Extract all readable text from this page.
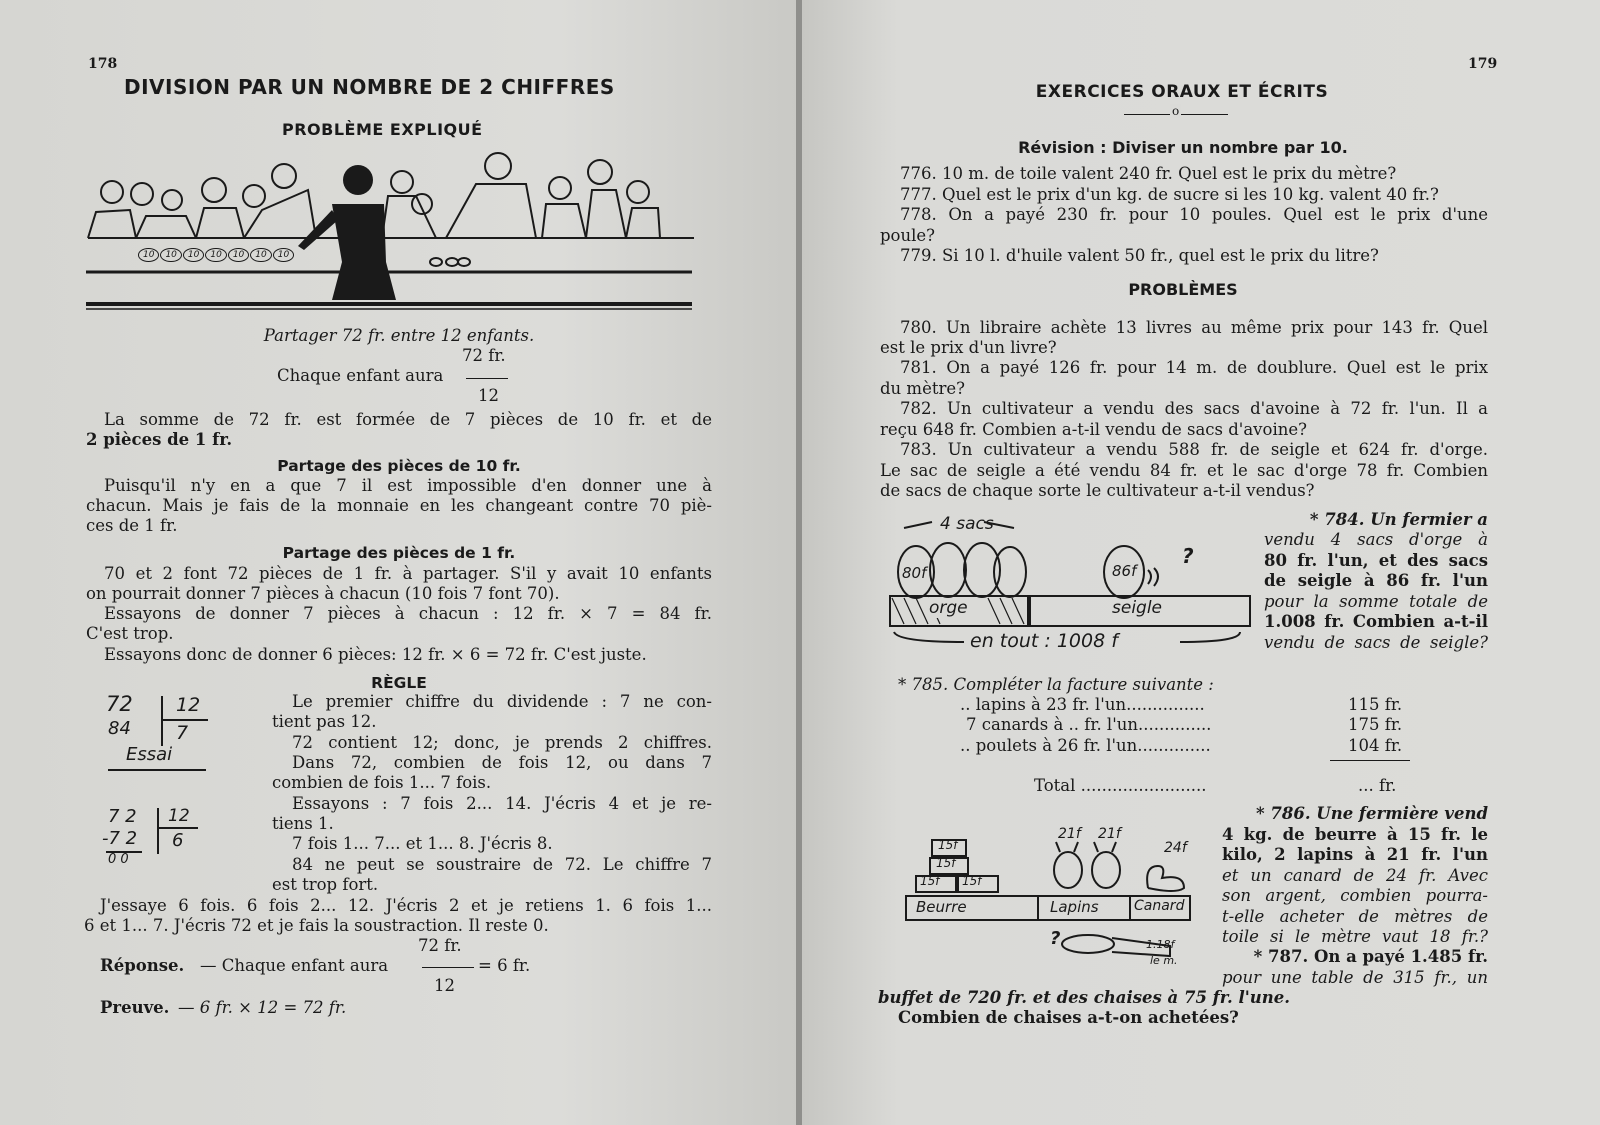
178
DIVISION PAR UN NOMBRE DE 2 CHIFFRES
PROBLÈME EXPLIQUÉ
10	10	10	10	10	10	10
Partager 72 fr. entre 12 enfants.
72 fr.
Chaque enfant aura
12
La somme de 72 fr. est formée de 7 pièces de 10 fr. et de
2 pièces de 1 fr.
Partage des pièces de 10 fr.
Puisqu'il n'y en a que 7 il est impossible d'en donner une à
chacun. Mais je fais de la monnaie en les changeant contre 70 piè-
ces de 1 fr.
Partage des pièces de 1 fr.
70 et 2 font 72 pièces de 1 fr. à partager. S'il y avait 10 enfants
on pourrait donner 7 pièces à chacun (10 fois 7 font 70).
Essayons de donner 7 pièces à chacun : 12 fr. × 7 = 84 fr.
C'est trop.
Essayons donc de donner 6 pièces: 12 fr. × 6 = 72 fr. C'est juste.
RÈGLE
72 12
84 7
Essai
7 2 12
-7 2 6
0 0
Le premier chiffre du dividende : 7 ne con-
tient pas 12.
72 contient 12; donc, je prends 2 chiffres.
Dans 72, combien de fois 12, ou dans 7
combien de fois 1... 7 fois.
Essayons : 7 fois 2... 14. J'écris 4 et je re-
tiens 1.
7 fois 1... 7... et 1... 8. J'écris 8.
84 ne peut se soustraire de 72. Le chiffre 7
est trop fort.
J'essaye 6 fois. 6 fois 2... 12. J'écris 2 et je retiens 1. 6 fois 1...
6 et 1... 7. J'écris 72 et je fais la soustraction. Il reste 0.
72 fr.
Réponse. — Chaque enfant aura	= 6 fr.
12
Preuve. — 6 fr. × 12 = 72 fr.
179
EXERCICES ORAUX ET ÉCRITS
o
Révision : Diviser un nombre par 10.
776. 10 m. de toile valent 240 fr. Quel est le prix du mètre?
777. Quel est le prix d'un kg. de sucre si les 10 kg. valent 40 fr.?
778. On a payé 230 fr. pour 10 poules. Quel est le prix d'une
poule?
779. Si 10 l. d'huile valent 50 fr., quel est le prix du litre?
PROBLÈMES
780. Un libraire achète 13 livres au même prix pour 143 fr. Quel
est le prix d'un livre?
781. On a payé 126 fr. pour 14 m. de doublure. Quel est le prix
du mètre?
782. Un cultivateur a vendu des sacs d'avoine à 72 fr. l'un. Il a
reçu 648 fr. Combien a-t-il vendu de sacs d'avoine?
783. Un cultivateur a vendu 588 fr. de seigle et 624 fr. d'orge.
Le sac de seigle a été vendu 84 fr. et le sac d'orge 78 fr. Combien
de sacs de chaque sorte le cultivateur a-t-il vendus?
4 sacs
80f	86f
?
orge	seigle
en tout : 1008 f
* 784. Un fermier a
vendu 4 sacs d'orge à
80 fr. l'un, et des sacs
de seigle à 86 fr. l'un
pour la somme totale de
1.008 fr. Combien a-t-il
vendu de sacs de seigle?
* 785. Compléter la facture suivante :
.. lapins à 23 fr. l'un...............	115 fr.
7 canards à .. fr. l'un..............	175 fr.
.. poulets à 26 fr. l'un..............	104 fr.
Total ........................	... fr.
15f
15f
15f 15f
21f 21f
24f
Beurre	Lapins	Canard
?	1.18f
le m.
* 786. Une fermière vend
4 kg. de beurre à 15 fr. le
kilo, 2 lapins à 21 fr. l'un
et un canard de 24 fr. Avec
son argent, combien pourra-
t-elle acheter de mètres de
toile si le mètre vaut 18 fr.?
* 787. On a payé 1.485 fr.
pour une table de 315 fr., un
buffet de 720 fr. et des chaises à 75 fr. l'une.
Combien de chaises a-t-on achetées?
